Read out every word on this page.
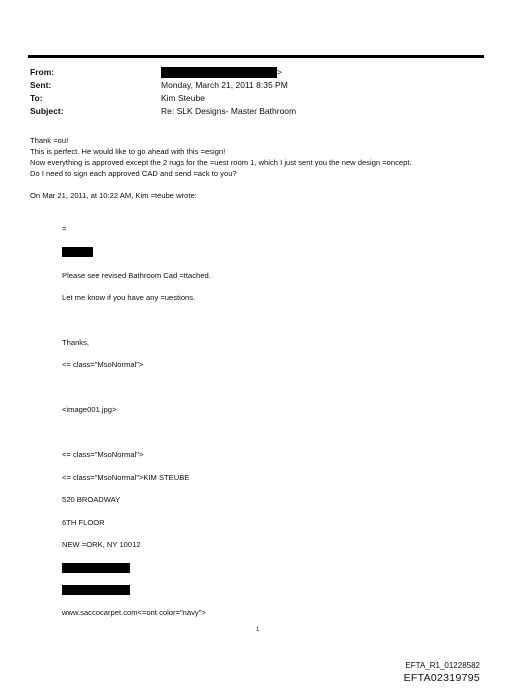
From:	>
Sent:	Monday, March 21, 2011 8:35 PM
To:	Kim Steube
Subject:	Re: SLK Designs- Master Bathroom
Thank =ou!
This is perfect. He would like to go ahead with this =esign!
Now everything is approved except the 2 rugs for the =uest room 1, which I just sent you the new design =oncept.
Do I need to sign each approved CAD and send =ack to you?
On Mar 21, 2011, at 10:22 AM, Kim =teube wrote:
=
Please see revised Bathroom Cad =ttached.
Let me know if you have any =uestions.
Thanks,
<= class="MsoNormal">
<image001.jpg>
<= class="MsoNormal">
<= class="MsoNormal">KIM STEUBE
520 BROADWAY
6TH FLOOR
NEW =ORK, NY 10012
www.saccocarpet.com<=ont color="navy">
1
EFTA_R1_01228582
EFTA02319795
